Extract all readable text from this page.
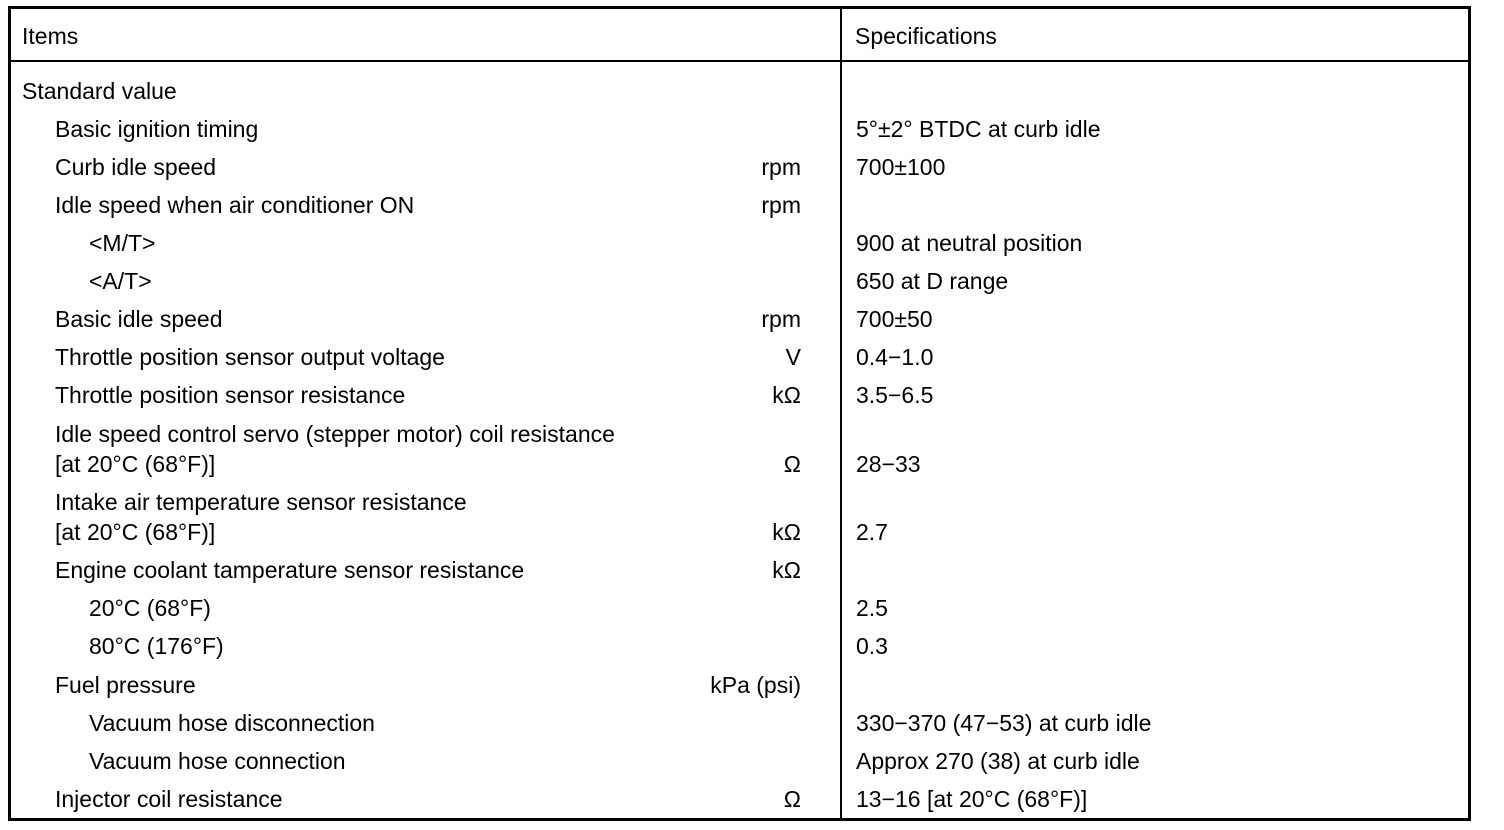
Items	Specifications
Standard value
Basic ignition timing	5°±2° BTDC at curb idle
Curb idle speed	rpm 700±100
Idle speed when air conditioner ON	rpm
<M/T>	900 at neutral position
<A/T>	650 at D range
Basic idle speed	rpm 700±50
Throttle position sensor output voltage	V 0.4−1.0
Throttle position sensor resistance	kΩ 3.5−6.5
Idle speed control servo (stepper motor) coil resistance
[at 20°C (68°F)]	Ω 28−33
Intake air temperature sensor resistance
[at 20°C (68°F)]	kΩ 2.7
Engine coolant tamperature sensor resistance	kΩ
20°C (68°F)	2.5
80°C (176°F)	0.3
Fuel pressure	kPa (psi)
Vacuum hose disconnection	330−370 (47−53) at curb idle
Vacuum hose connection	Approx 270 (38) at curb idle
Injector coil resistance	Ω 13−16 [at 20°C (68°F)]
